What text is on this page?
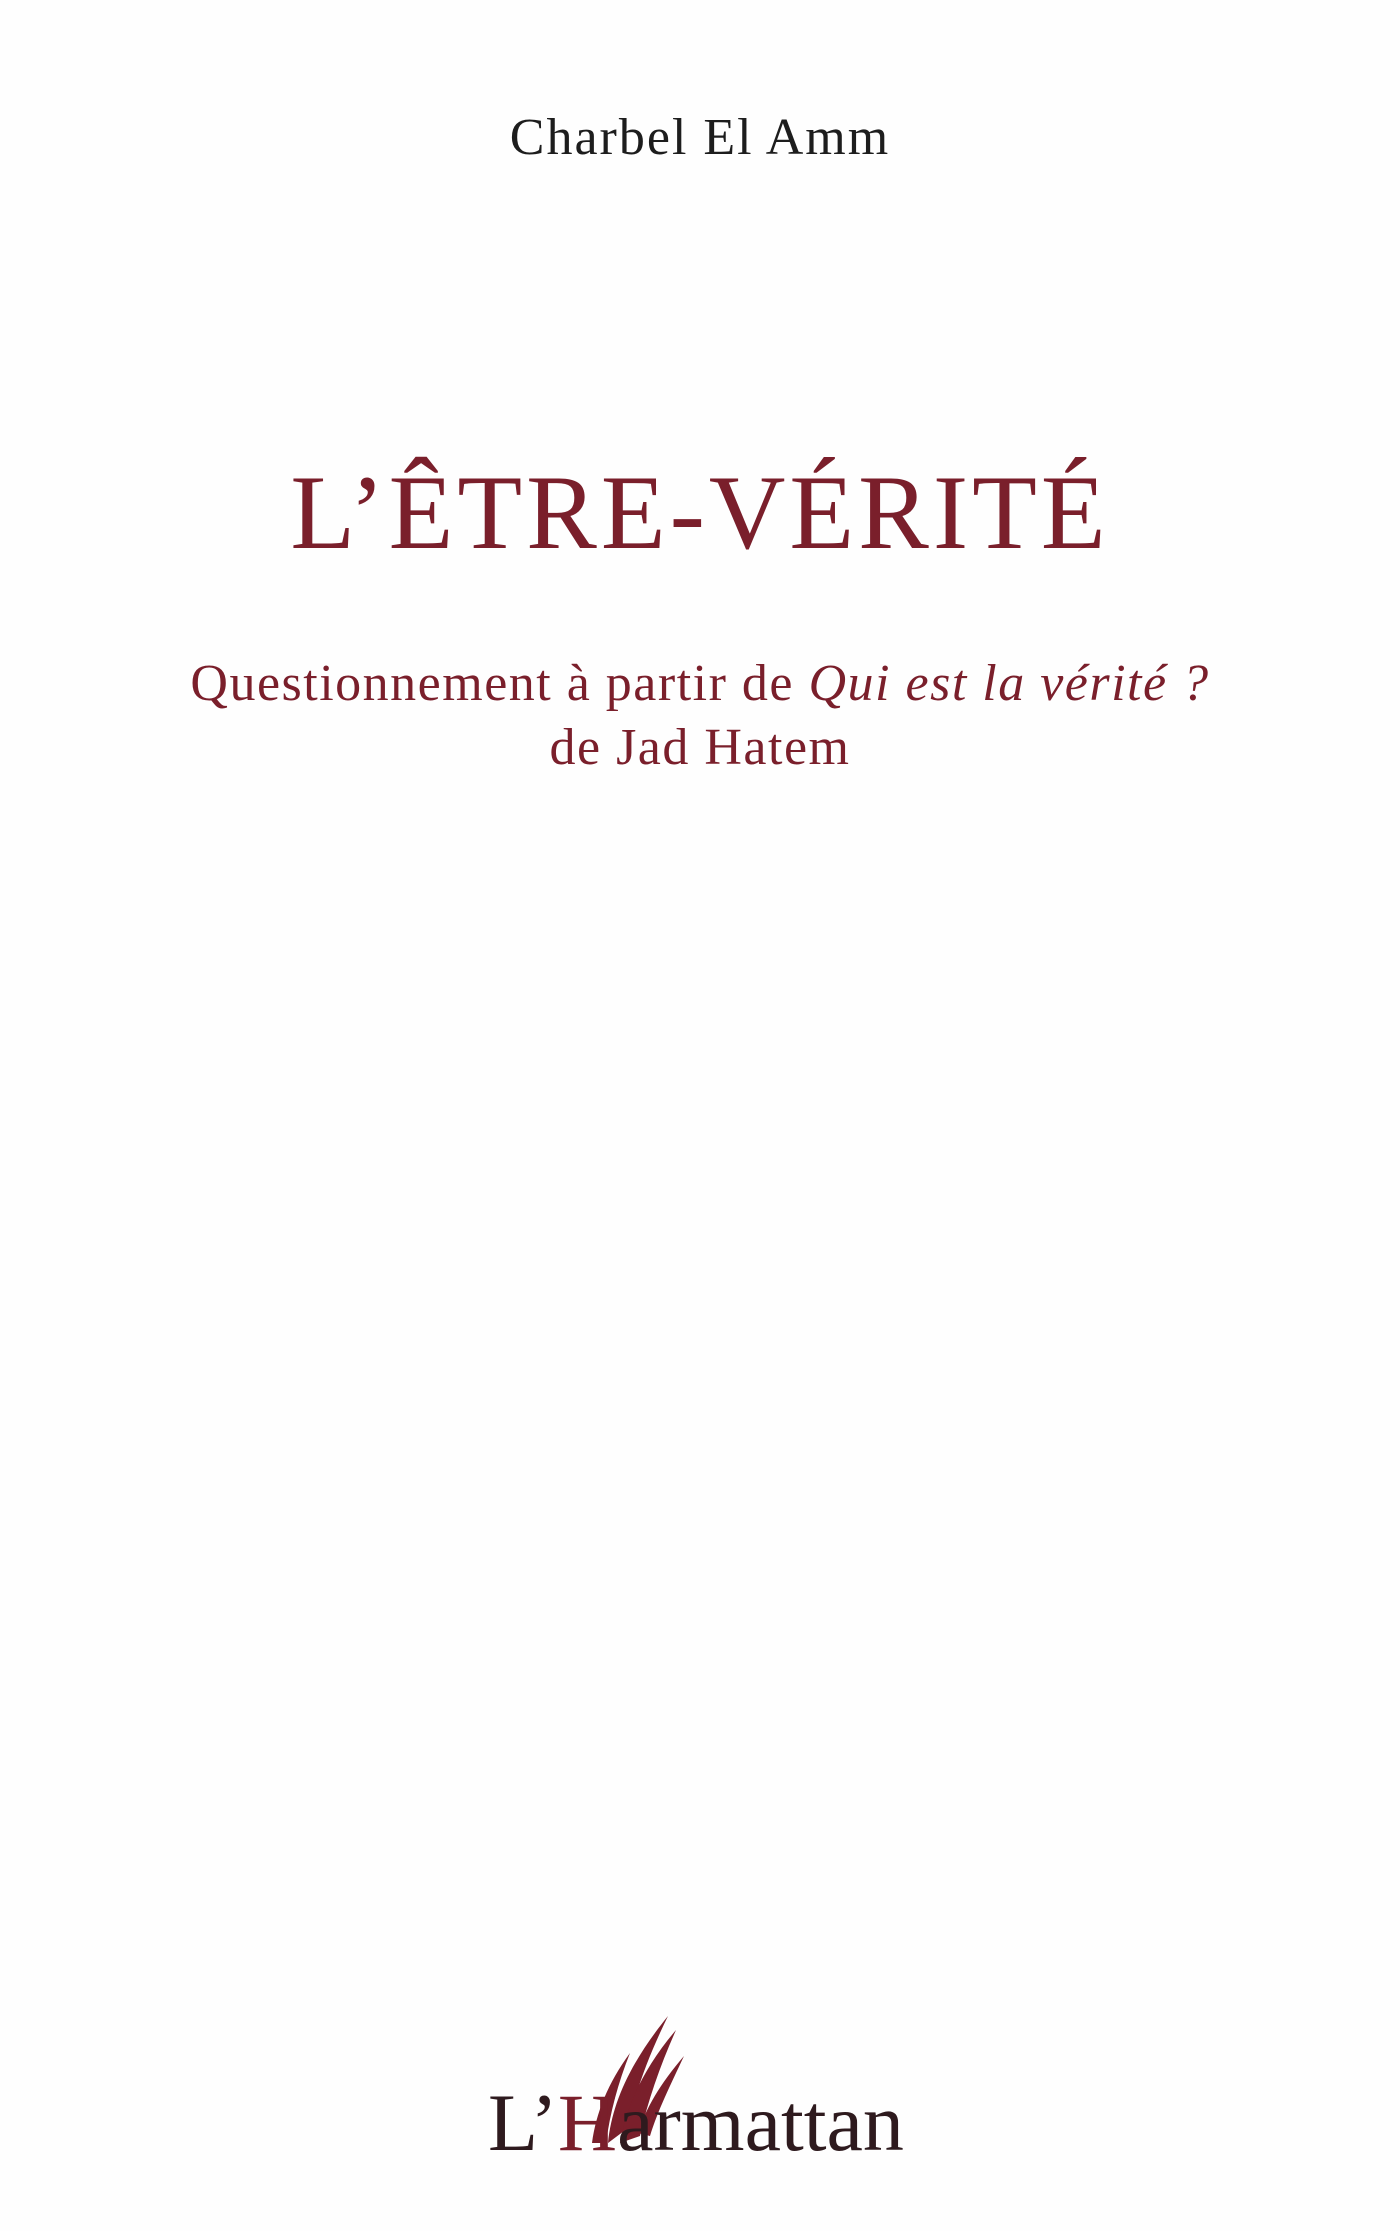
Charbel El Amm
L’ÊTRE-VÉRITÉ
Questionnement à partir de Qui est la vérité ?
de Jad Hatem
L’Harmattan
